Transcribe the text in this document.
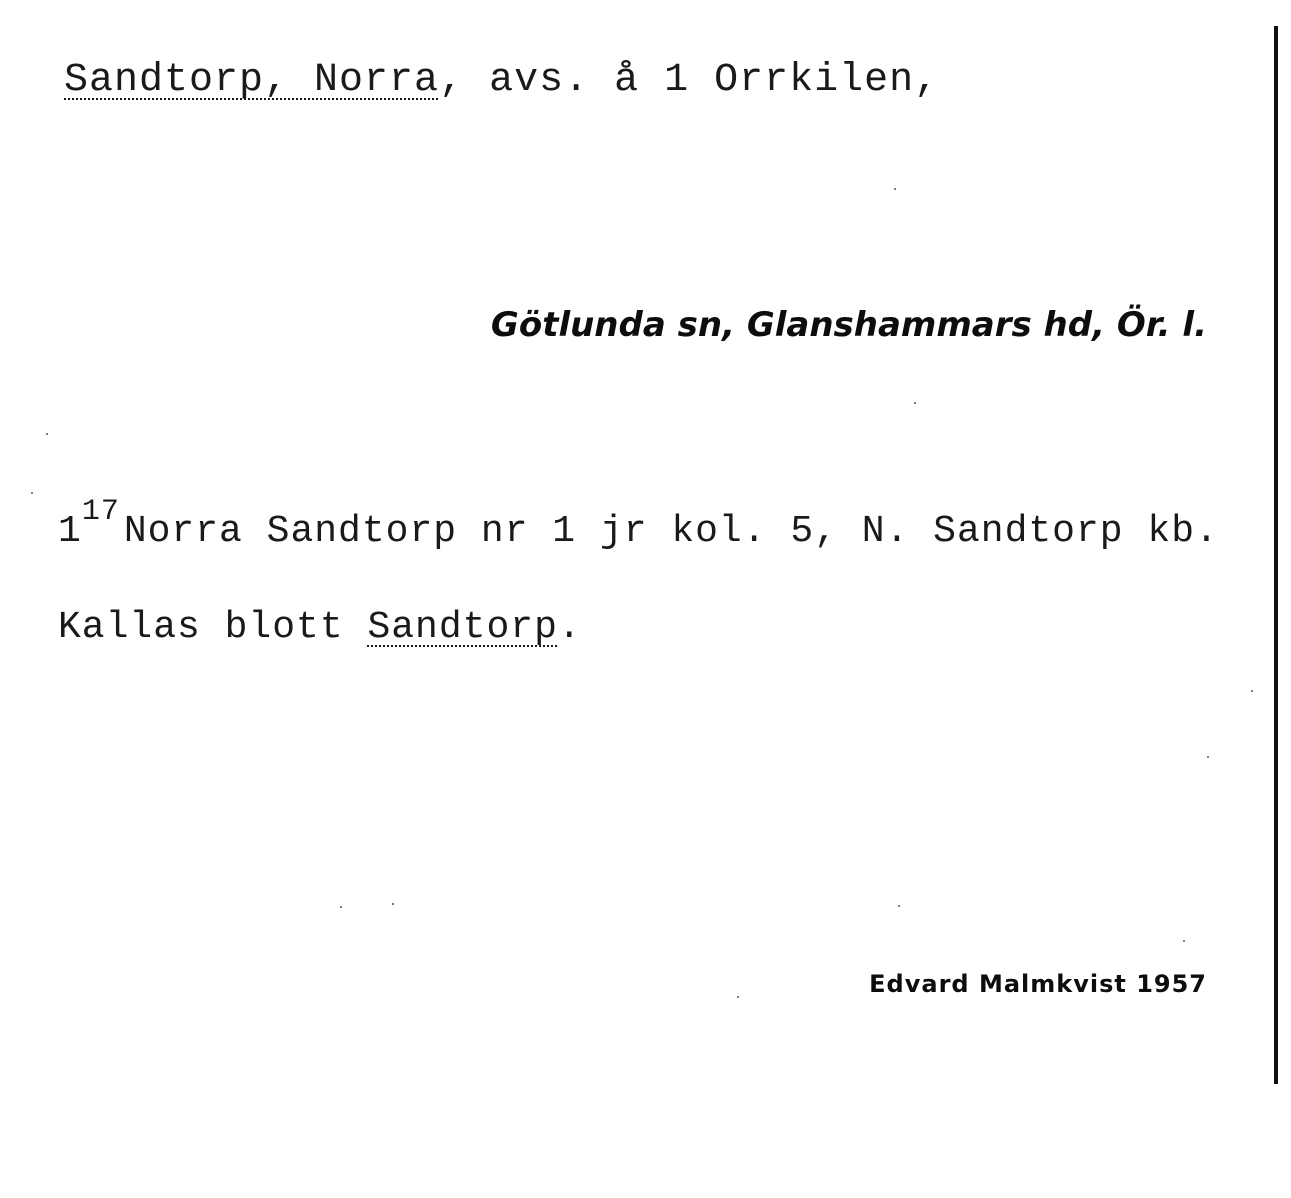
Sandtorp, Norra, avs. å 1 Orrkilen,
Götlunda sn, Glanshammars hd, Ör. l.
$1^{17}$ Norra Sandtorp nr 1 jr kol. 5, N. Sandtorp kb.
Kallas blott Sandtorp.
Edvard Malmkvist 1957
